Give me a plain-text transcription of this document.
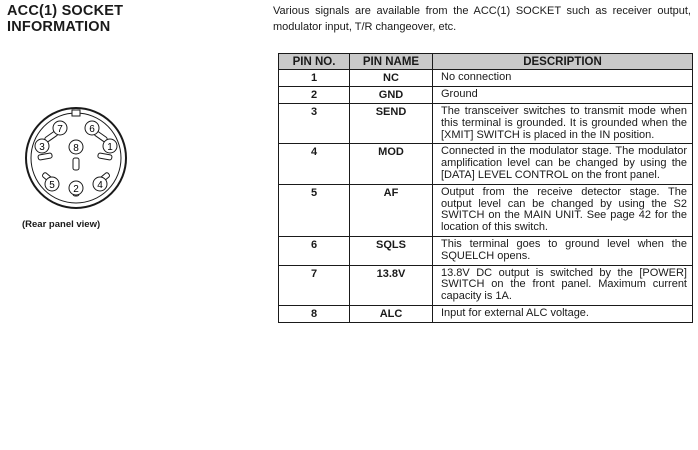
ACC(1) SOCKET
INFORMATION
Various signals are available from the ACC(1) SOCKET such as receiver output, modulator input, T/R changeover, etc.
7	6
3	8	1
5 2 4
(Rear panel view)
PIN NO.	PIN NAME	DESCRIPTION
1	NC	No connection
2	GND	Ground
3	SEND	The transceiver switches to transmit mode when this terminal is grounded. It is grounded when the [XMIT] SWITCH is placed in the IN position.
4	MOD	Connected in the modulator stage. The modulator amplification level can be changed by using the [DATA] LEVEL CONTROL on the front panel.
5	AF	Output from the receive detector stage. The output level can be changed by using the S2 SWITCH on the MAIN UNIT. See page 42 for the location of this switch.
6	SQLS	This terminal goes to ground level when the SQUELCH opens.
7	13.8V	13.8V DC output is switched by the [POWER] SWITCH on the front panel. Maximum current capacity is 1A.
8	ALC	Input for external ALC voltage.
